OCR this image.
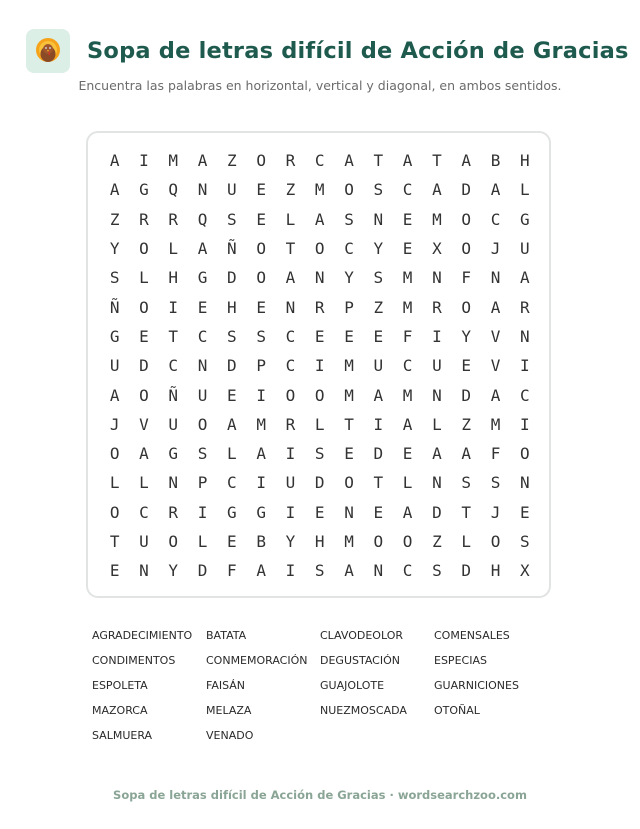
Sopa de letras difícil de Acción de Gracias
Encuentra las palabras en horizontal, vertical y diagonal, en ambos sentidos.
A	I	M	A	Z	O	R	C	A	T	A	T	A	B	H
A	G	Q	N	U	E	Z	M	O	S	C	A	D	A	L
Z	R	R	Q	S	E	L	A	S	N	E	M	O	C	G
Y	O	L	A	Ñ	O	T	O	C	Y	E	X	O	J	U
S	L	H	G	D	O	A	N	Y	S	M	N	F	N	A
Ñ	O	I	E	H	E	N	R	P	Z	M	R	O	A	R
G	E	T	C	S	S	C	E	E	E	F	I	Y	V	N
U	D	C	N	D	P	C	I	M	U	C	U	E	V	I
A	O	Ñ	U	E	I	O	O	M	A	M	N	D	A	C
J	V	U	O	A	M	R	L	T	I	A	L	Z	M	I
O	A	G	S	L	A	I	S	E	D	E	A	A	F	O
L	L	N	P	C	I	U	D	O	T	L	N	S	S	N
O	C	R	I	G	G	I	E	N	E	A	D	T	J	E
T	U	O	L	E	B	Y	H	M	O	O	Z	L	O	S
E	N	Y	D	F	A	I	S	A	N	C	S	D	H	X
AGRADECIMIENTO	BATATA	CLAVODEOLOR	COMENSALES
CONDIMENTOS	CONMEMORACIÓN	DEGUSTACIÓN	ESPECIAS
ESPOLETA	FAISÁN	GUAJOLOTE	GUARNICIONES
MAZORCA	MELAZA	NUEZMOSCADA	OTOÑAL
SALMUERA	VENADO
Sopa de letras difícil de Acción de Gracias · wordsearchzoo.com
